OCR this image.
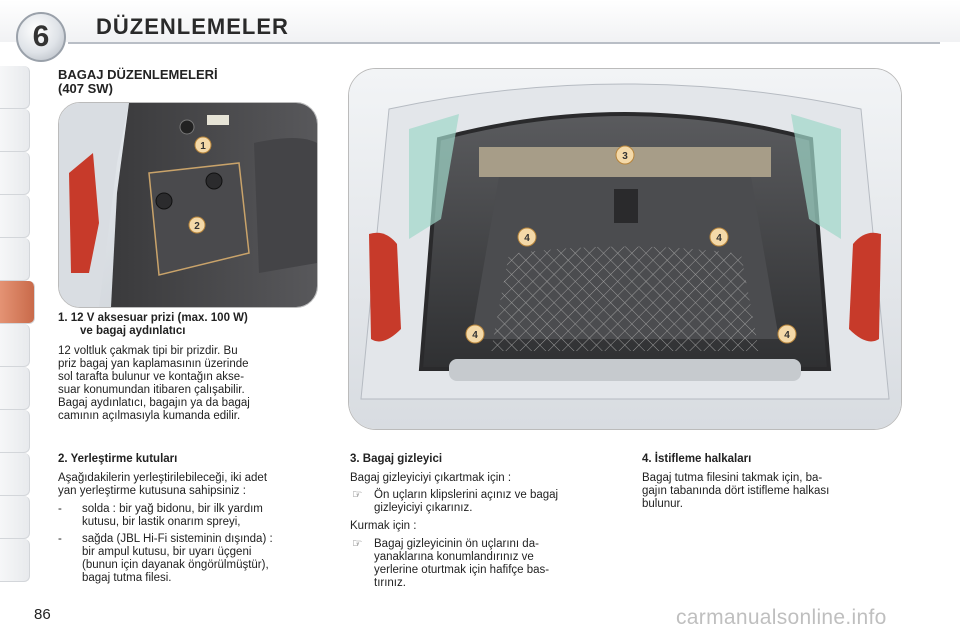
6 DÜZENLEMELER
BAGAJ DÜZENLEMELERİ
(407 SW)
1
2
3
4	4
4	4
1. 12 V aksesuar prizi (max. 100 W)
ve bagaj aydınlatıcı
12 voltluk çakmak tipi bir prizdir. Bu
priz bagaj yan kaplamasının üzerinde
sol tarafta bulunur ve kontağın akse-
suar konumundan itibaren çalışabilir.
Bagaj aydınlatıcı, bagajın ya da bagaj
camının açılmasıyla kumanda edilir.
2. Yerleştirme kutuları
Aşağıdakilerin yerleştirilebileceği, iki adet
yan yerleştirme kutusuna sahipsiniz :
-	solda : bir yağ bidonu, bir ilk yardım
kutusu, bir lastik onarım spreyi,
-	sağda (JBL Hi-Fi sisteminin dışında) :
bir ampul kutusu, bir uyarı üçgeni
(bunun için dayanak öngörülmüştür),
bagaj tutma filesi.
3. Bagaj gizleyici
Bagaj gizleyiciyi çıkartmak için :
☞	Ön uçların klipslerini açınız ve bagaj
gizleyiciyi çıkarınız.
Kurmak için :
☞	Bagaj gizleyicinin ön uçlarını da-
yanaklarına konumlandırınız ve
yerlerine oturtmak için hafifçe bas-
tırınız.
4. İstifleme halkaları
Bagaj tutma filesini takmak için, ba-
gajın tabanında dört istifleme halkası
bulunur.
86	carmanualsonline.info
